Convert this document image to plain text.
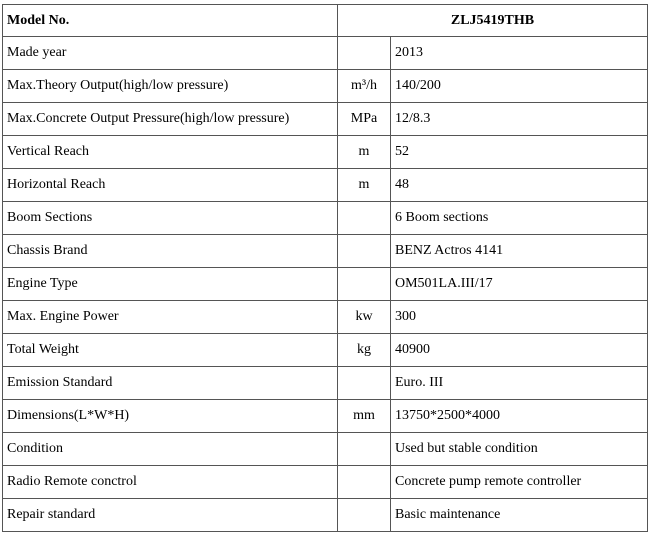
Model No.	ZLJ5419THB	
Made year		2013
Max.Theory Output(high/low pressure)	m³/h	140/200
Max.Concrete Output Pressure(high/low pressure)	MPa	12/8.3
Vertical Reach	m	52
Horizontal Reach	m	48
Boom Sections		6 Boom sections
Chassis Brand		BENZ Actros 4141
Engine Type		OM501LA.III/17
Max. Engine Power	kw	300
Total Weight	kg	40900
Emission Standard		Euro. III
Dimensions(L*W*H)	mm	13750*2500*4000
Condition		Used but stable condition
Radio Remote conctrol		Concrete pump remote controller
Repair standard		Basic maintenance
